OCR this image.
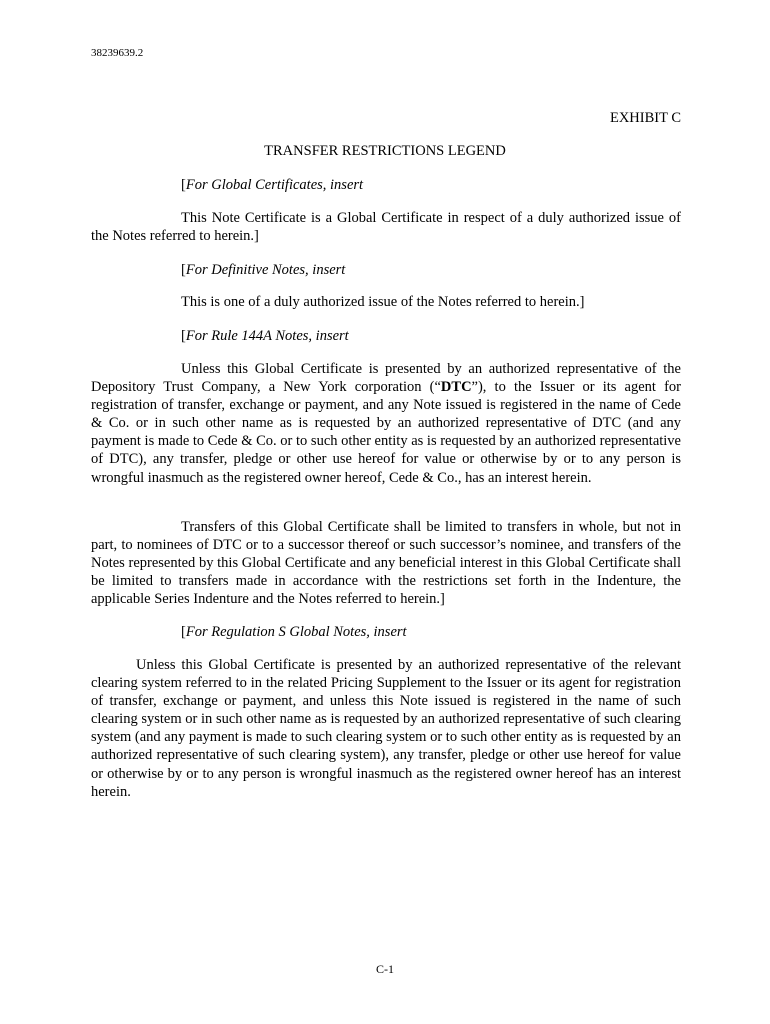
38239639.2
EXHIBIT C
TRANSFER RESTRICTIONS LEGEND

[For Global Certificates, insert

This Note Certificate is a Global Certificate in respect of a duly authorized issue of the Notes referred to herein.]

[For Definitive Notes, insert

This is one of a duly authorized issue of the Notes referred to herein.]

[For Rule 144A Notes, insert

Unless this Global Certificate is presented by an authorized representative of the Depository Trust Company, a New York corporation (“DTC”), to the Issuer or its agent for registration of transfer, exchange or payment, and any Note issued is registered in the name of Cede & Co. or in such other name as is requested by an authorized representative of DTC (and any payment is made to Cede & Co. or to such other entity as is requested by an authorized representative of DTC), any transfer, pledge or other use hereof for value or otherwise by or to any person is wrongful inasmuch as the registered owner hereof, Cede & Co., has an interest herein.

Transfers of this Global Certificate shall be limited to transfers in whole, but not in part, to nominees of DTC or to a successor thereof or such successor’s nominee, and transfers of the Notes represented by this Global Certificate and any beneficial interest in this Global Certificate shall be limited to transfers made in accordance with the restrictions set forth in the Indenture, the applicable Series Indenture and the Notes referred to herein.]

[For Regulation S Global Notes, insert

Unless this Global Certificate is presented by an authorized representative of the relevant clearing system referred to in the related Pricing Supplement to the Issuer or its agent for registration of transfer, exchange or payment, and unless this Note issued is registered in the name of such clearing system or in such other name as is requested by an authorized representative of such clearing system (and any payment is made to such clearing system or to such other entity as is requested by an authorized representative of such clearing system), any transfer, pledge or other use hereof for value or otherwise by or to any person is wrongful inasmuch as the registered owner hereof has an interest herein.

C-1
